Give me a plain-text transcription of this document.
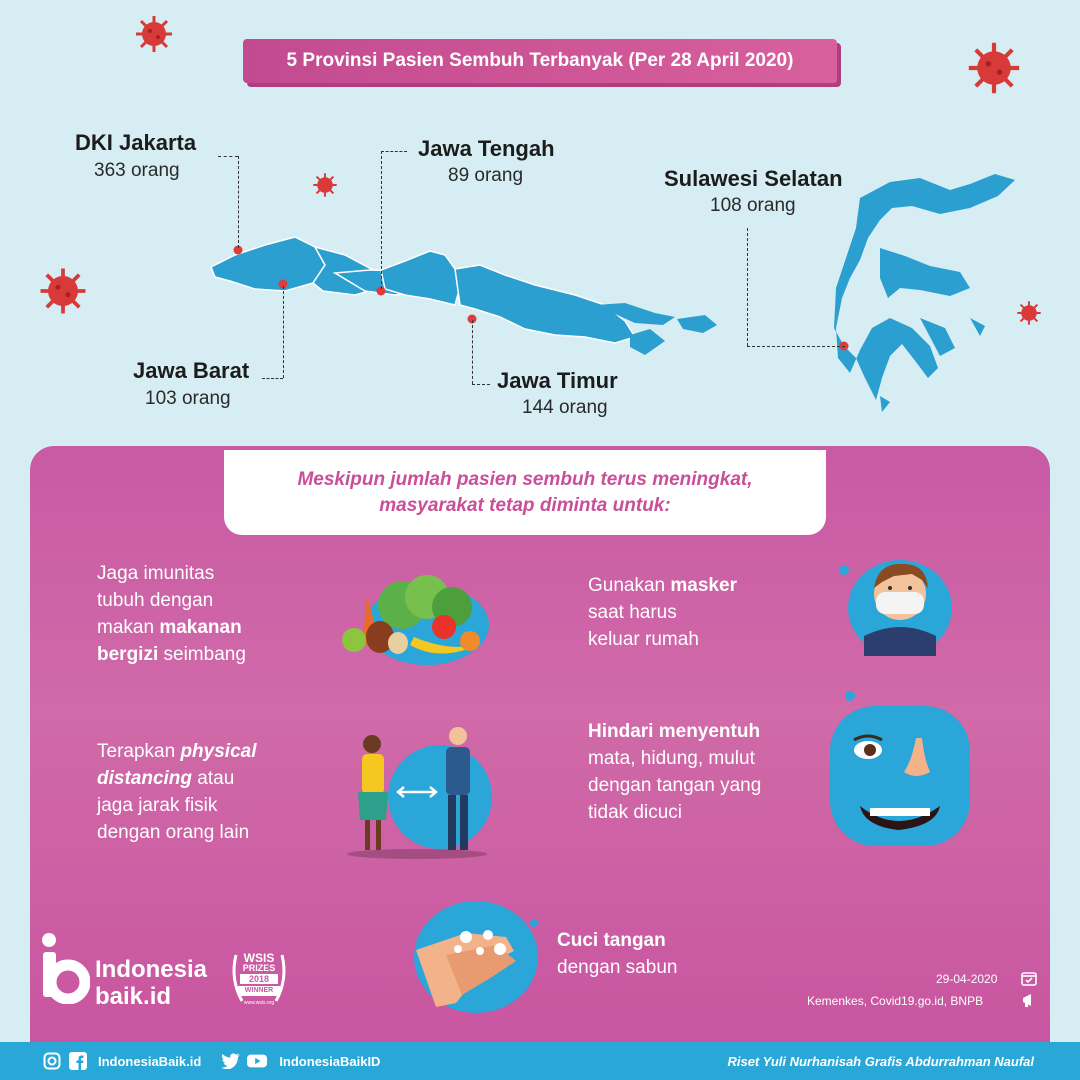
5 Provinsi Pasien Sembuh Terbanyak (Per 28 April 2020)
DKI Jakarta
363 orang
Jawa Tengah
89 orang	Sulawesi Selatan
108 orang
Jawa Barat
103 orang
Jawa Timur
144 orang
Meskipun jumlah pasien sembuh terus meningkat,
masyarakat tetap diminta untuk:
Jaga imunitas
tubuh dengan
makan makanan
bergizi seimbang
Gunakan masker
saat harus
keluar rumah
Terapkan physical
distancing atau
jaga jarak fisik
dengan orang lain
Hindari menyentuh
mata, hidung, mulut
dengan tangan yang
tidak dicuci
Cuci tangan
dengan sabun
Indonesia
baik.id
WSIS
PRIZES
2018
WINNER
www.wsis.org
29-04-2020
Kemenkes, Covid19.go.id, BNPB
IndonesiaBaik.id	IndonesiaBaikID	Riset Yuli Nurhanisah Grafis Abdurrahman Naufal
